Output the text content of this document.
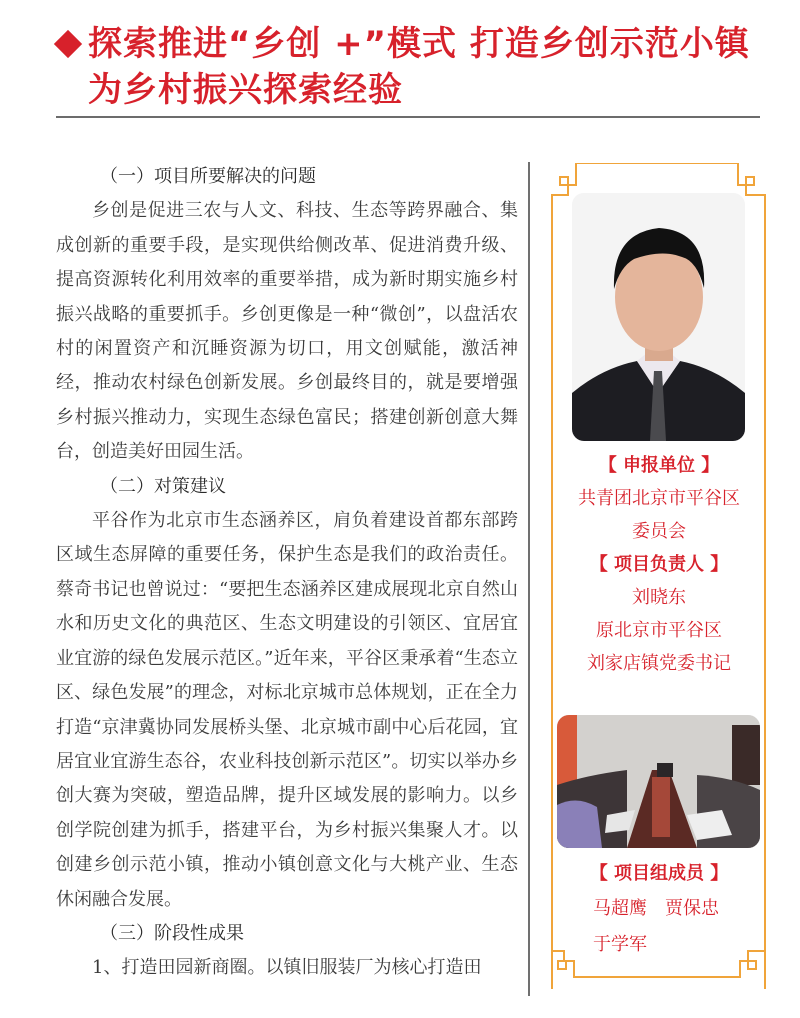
探索推进“乡创 +”模式 打造乡创示范小镇
为乡村振兴探索经验

（一）项目所要解决的问题

乡创是促进三农与人文、科技、生态等跨界融合、集成创新的重要手段，是实现供给侧改革、促进消费升级、提高资源转化利用效率的重要举措，成为新时期实施乡村振兴战略的重要抓手。乡创更像是一种“微创”，以盘活农村的闲置资产和沉睡资源为切口，用文创赋能，激活神经，推动农村绿色创新发展。乡创最终目的，就是要增强乡村振兴推动力，实现生态绿色富民；搭建创新创意大舞台，创造美好田园生活。

（二）对策建议

平谷作为北京市生态涵养区，肩负着建设首都东部跨区域生态屏障的重要任务，保护生态是我们的政治责任。蔡奇书记也曾说过：“要把生态涵养区建成展现北京自然山水和历史文化的典范区、生态文明建设的引领区、宜居宜业宜游的绿色发展示范区。”近年来，平谷区秉承着“生态立区、绿色发展”的理念，对标北京城市总体规划，正在全力打造“京津冀协同发展桥头堡、北京城市副中心后花园，宜居宜业宜游生态谷，农业科技创新示范区”。切实以举办乡创大赛为突破，塑造品牌，提升区域发展的影响力。以乡创学院创建为抓手，搭建平台，为乡村振兴集聚人才。以创建乡创示范小镇，推动小镇创意文化与大桃产业、生态休闲融合发展。

（三）阶段性成果

1、打造田园新商圈。以镇旧服装厂为核心打造田

【 申报单位 】
共青团北京市平谷区
委员会
【 项目负责人 】
刘晓东
原北京市平谷区
刘家店镇党委书记
【 项目组成员 】
马超鹰 贾保忠
于学军
